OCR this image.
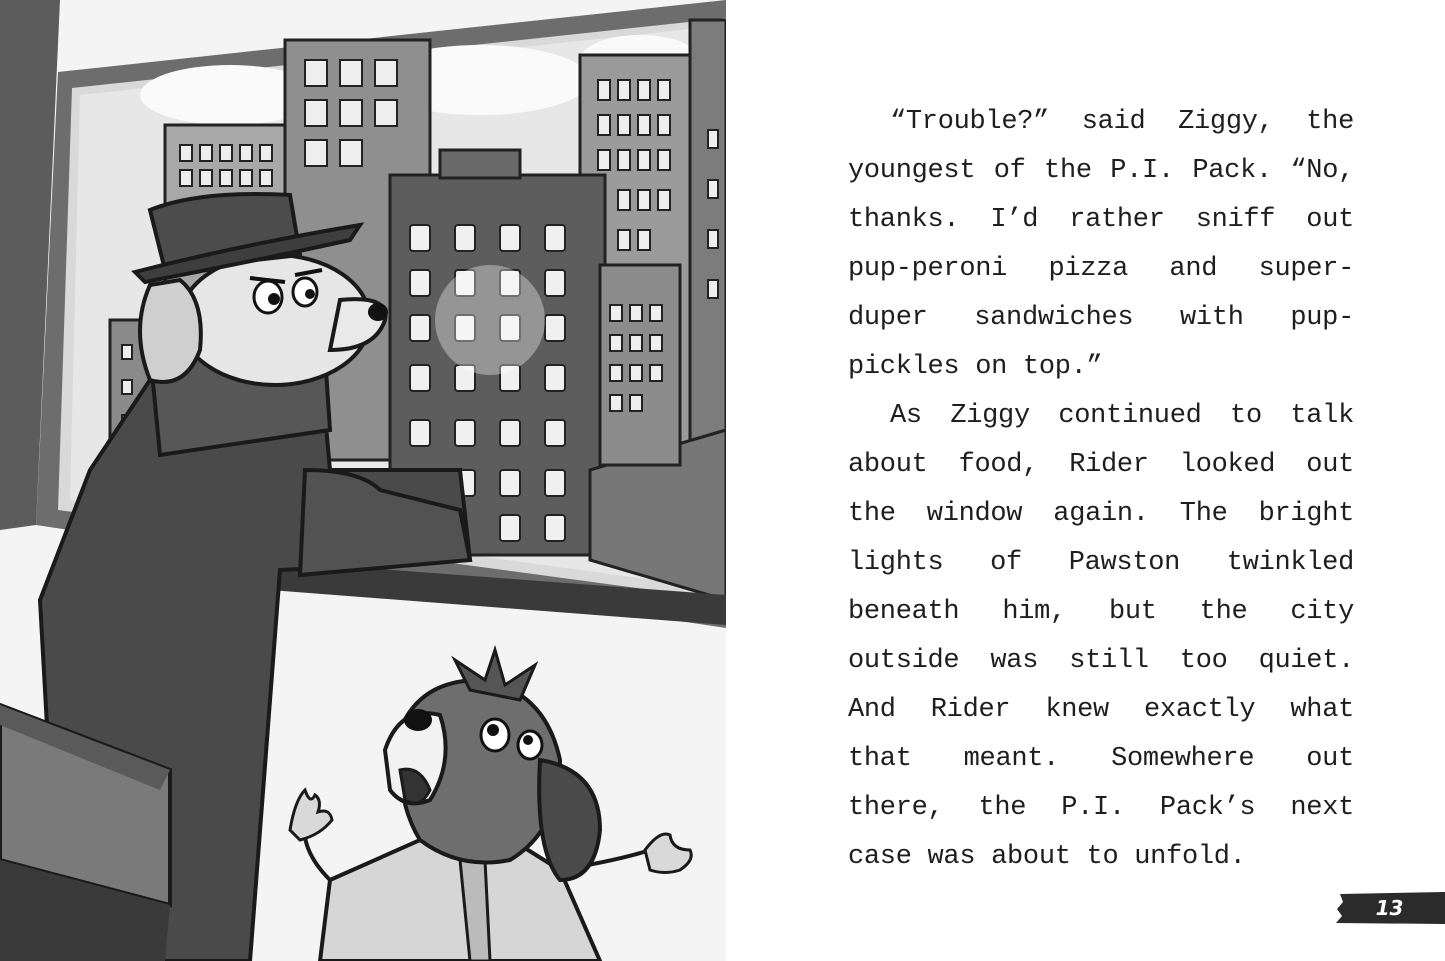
“Trouble?” said Ziggy, the youngest of the P.I. Pack. “No, thanks. I’d rather sniff out pup-peroni pizza and super-duper sandwiches with pup-pickles on top.”

As Ziggy continued to talk about food, Rider looked out the window again. The bright lights of Pawston twinkled beneath him, but the city outside was still too quiet. And Rider knew exactly what that meant. Somewhere out there, the P.I. Pack’s next case was about to unfold.

13
